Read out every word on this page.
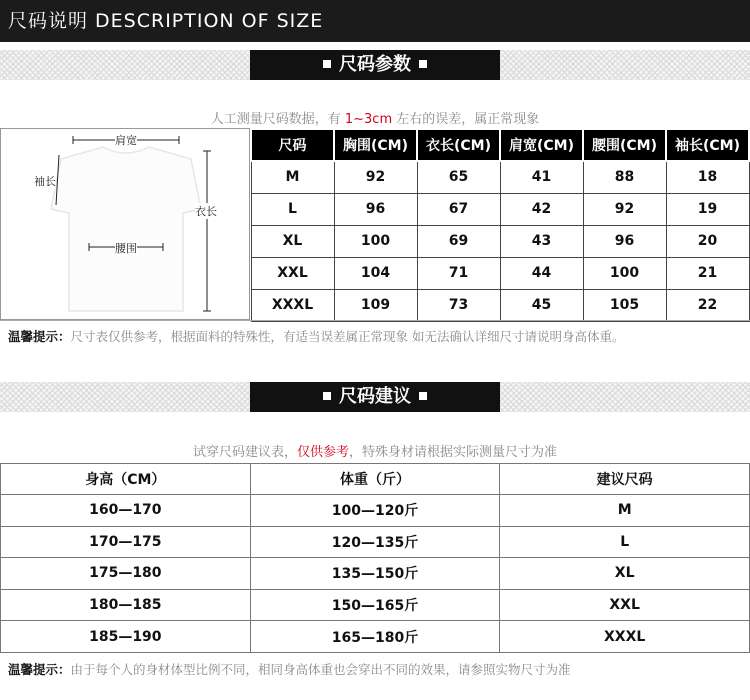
尺码说明 DESCRIPTION OF SIZE
尺码参数
人工测量尺码数据，有 1~3cm 左右的误差，属正常现象
肩宽
袖长
衣长
腰围
尺码	胸围(CM)	衣长(CM)	肩宽(CM)	腰围(CM)	袖长(CM)
M	92	65	41	88	18
L	96	67	42	92	19
XL	100	69	43	96	20
XXL	104	71	44	100	21
XXXL	109	73	45	105	22
温馨提示：尺寸表仅供参考，根据面料的特殊性，有适当误差属正常现象 如无法确认详细尺寸请说明身高体重。
尺码建议
试穿尺码建议表，仅供参考，特殊身材请根据实际测量尺寸为准
身高（CM）	体重（斤）	建议尺码
160—170	100—120斤	M
170—175	120—135斤	L
175—180	135—150斤	XL
180—185	150—165斤	XXL
185—190	165—180斤	XXXL
温馨提示：由于每个人的身材体型比例不同，相同身高体重也会穿出不同的效果，请参照实物尺寸为准
